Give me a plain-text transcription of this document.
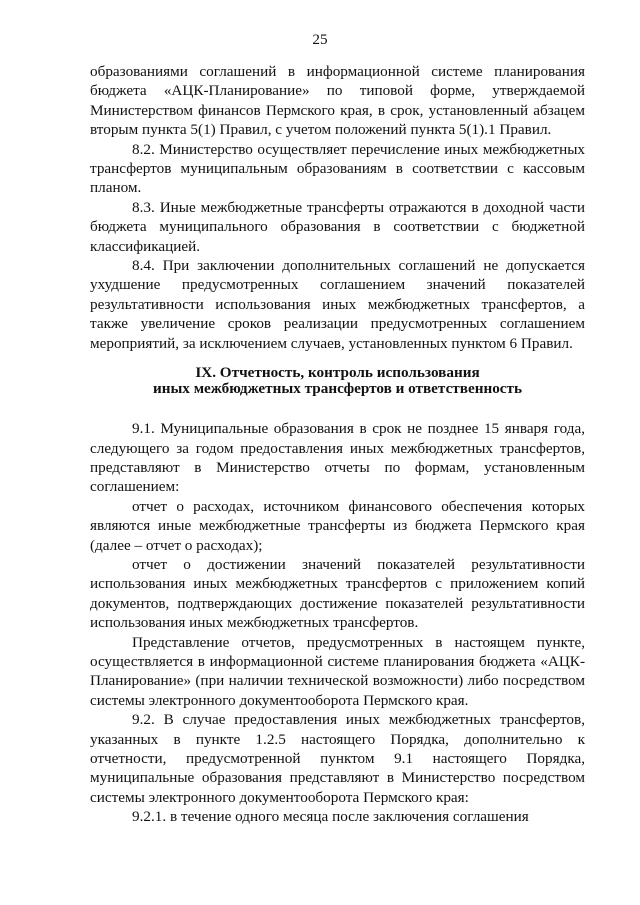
25

образованиями соглашений в информационной системе планирования бюджета «АЦК-Планирование» по типовой форме, утверждаемой Министерством финансов Пермского края, в срок, установленный абзацем вторым пункта 5(1) Правил, с учетом положений пункта 5(1).1 Правил.

8.2. Министерство осуществляет перечисление иных межбюджетных трансфертов муниципальным образованиям в соответствии с кассовым планом.

8.3. Иные межбюджетные трансферты отражаются в доходной части бюджета муниципального образования в соответствии с бюджетной классификацией.

8.4. При заключении дополнительных соглашений не допускается ухудшение предусмотренных соглашением значений показателей результативности использования иных межбюджетных трансфертов, а также увеличение сроков реализации предусмотренных соглашением мероприятий, за исключением случаев, установленных пунктом 6 Правил.

IX. Отчетность, контроль использования
иных межбюджетных трансфертов и ответственность

9.1. Муниципальные образования в срок не позднее 15 января года, следующего за годом предоставления иных межбюджетных трансфертов, представляют в Министерство отчеты по формам, установленным соглашением:

отчет о расходах, источником финансового обеспечения которых являются иные межбюджетные трансферты из бюджета Пермского края (далее – отчет о расходах);

отчет о достижении значений показателей результативности использования иных межбюджетных трансфертов с приложением копий документов, подтверждающих достижение показателей результативности использования иных межбюджетных трансфертов.

Представление отчетов, предусмотренных в настоящем пункте, осуществляется в информационной системе планирования бюджета «АЦК-Планирование» (при наличии технической возможности) либо посредством системы электронного документооборота Пермского края.

9.2. В случае предоставления иных межбюджетных трансфертов, указанных в пункте 1.2.5 настоящего Порядка, дополнительно к отчетности, предусмотренной пунктом 9.1 настоящего Порядка, муниципальные образования представляют в Министерство посредством системы электронного документооборота Пермского края:

9.2.1. в течение одного месяца после заключения соглашения
